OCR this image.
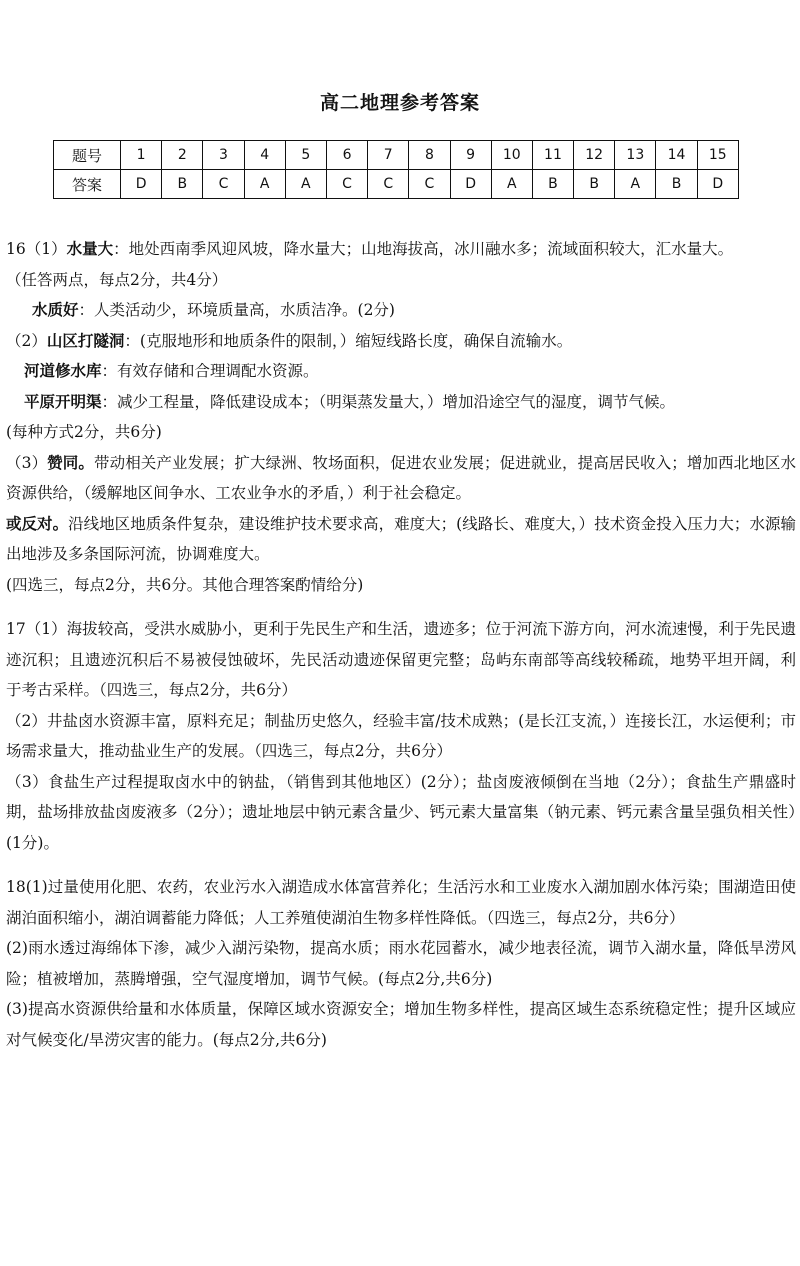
高二地理参考答案
题号	1	2	3	4	5	6	7	8	9	10	11	12	13	14	15
答案	D	B	C	A	A	C	C	C	D	A	B	B	A	B	D

16（1）水量大：地处西南季风迎风坡，降水量大；山地海拔高，冰川融水多；流域面积较大，汇水量大。

（任答两点，每点2分，共4分）

水质好：人类活动少，环境质量高，水质洁净。(2分)

（2）山区打隧洞：(克服地形和地质条件的限制，）缩短线路长度，确保自流输水。

河道修水库：有效存储和合理调配水资源。

平原开明渠：减少工程量，降低建设成本；（明渠蒸发量大，）增加沿途空气的湿度，调节气候。

(每种方式2分，共6分)

（3）赞同。带动相关产业发展；扩大绿洲、牧场面积，促进农业发展；促进就业，提高居民收入；增加西北地区水资源供给，（缓解地区间争水、工农业争水的矛盾，）利于社会稳定。

或反对。沿线地区地质条件复杂，建设维护技术要求高，难度大；(线路长、难度大，）技术资金投入压力大；水源输出地涉及多条国际河流，协调难度大。

(四选三，每点2分，共6分。其他合理答案酌情给分)

17（1）海拔较高，受洪水威胁小，更利于先民生产和生活，遗迹多；位于河流下游方向，河水流速慢，利于先民遗迹沉积；且遗迹沉积后不易被侵蚀破坏，先民活动遗迹保留更完整；岛屿东南部等高线较稀疏，地势平坦开阔，利于考古采样。（四选三，每点2分，共6分）

（2）井盐卤水资源丰富，原料充足；制盐历史悠久，经验丰富/技术成熟；(是长江支流，）连接长江，水运便利；市场需求量大，推动盐业生产的发展。（四选三，每点2分，共6分）

（3）食盐生产过程提取卤水中的钠盐，（销售到其他地区）(2分）；盐卤废液倾倒在当地（2分）；食盐生产鼎盛时期，盐场排放盐卤废液多（2分）；遗址地层中钠元素含量少、钙元素大量富集（钠元素、钙元素含量呈强负相关性）(1分)。

18(1)过量使用化肥、农药，农业污水入湖造成水体富营养化；生活污水和工业废水入湖加剧水体污染；围湖造田使湖泊面积缩小，湖泊调蓄能力降低；人工养殖使湖泊生物多样性降低。（四选三，每点2分，共6分）

(2)雨水透过海绵体下渗，减少入湖污染物，提高水质；雨水花园蓄水，减少地表径流，调节入湖水量，降低旱涝风险；植被增加，蒸腾增强，空气湿度增加，调节气候。(每点2分,共6分)

(3)提高水资源供给量和水体质量，保障区域水资源安全；增加生物多样性，提高区域生态系统稳定性；提升区域应对气候变化/旱涝灾害的能力。(每点2分,共6分)
